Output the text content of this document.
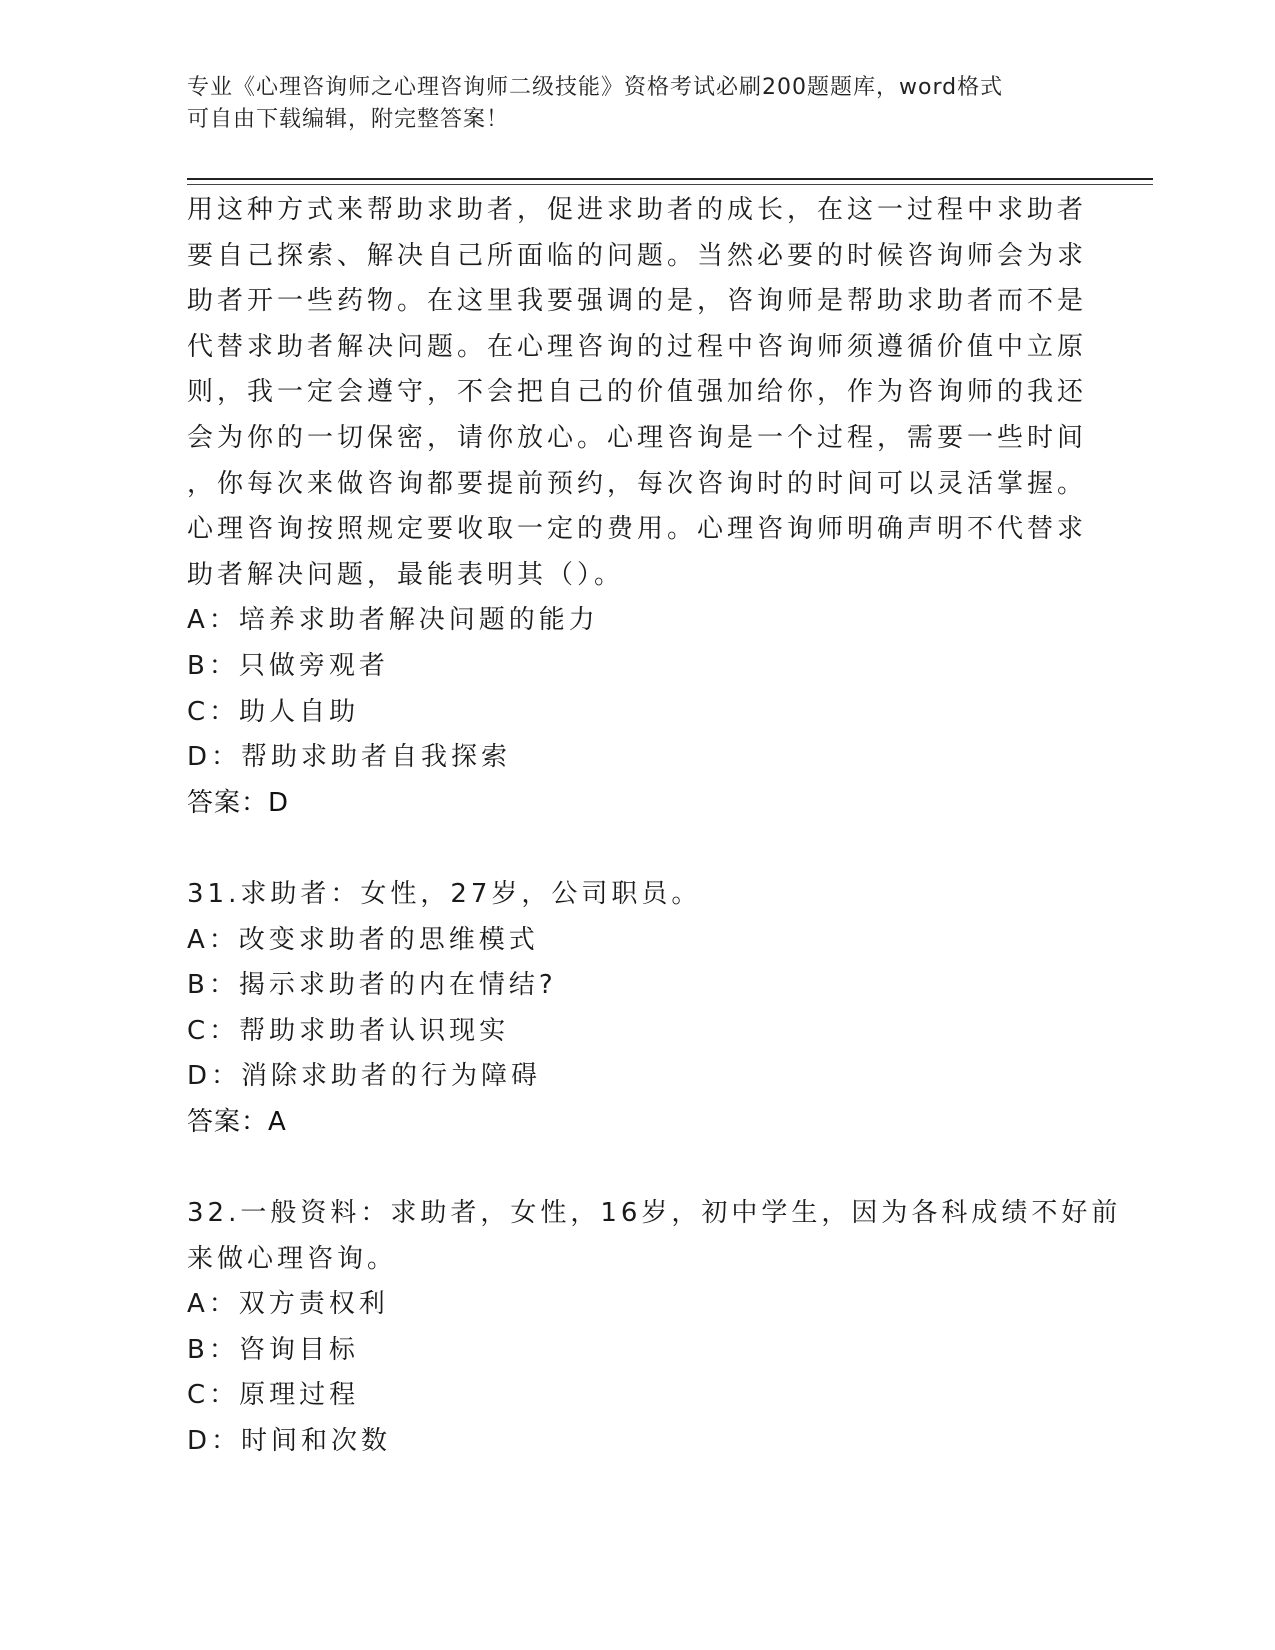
专业《心理咨询师之心理咨询师二级技能》资格考试必刷200题题库，word格式
可自由下载编辑，附完整答案！
用这种方式来帮助求助者，促进求助者的成长，在这一过程中求助者
要自己探索、解决自己所面临的问题。当然必要的时候咨询师会为求
助者开一些药物。在这里我要强调的是，咨询师是帮助求助者而不是
代替求助者解决问题。在心理咨询的过程中咨询师须遵循价值中立原
则，我一定会遵守，不会把自己的价值强加给你，作为咨询师的我还
会为你的一切保密，请你放心。心理咨询是一个过程，需要一些时间
，你每次来做咨询都要提前预约，每次咨询时的时间可以灵活掌握。
心理咨询按照规定要收取一定的费用。心理咨询师明确声明不代替求
助者解决问题，最能表明其（）。
A：培养求助者解决问题的能力
B：只做旁观者
C：助人自助
D：帮助求助者自我探索
答案：D
31.求助者：女性，27岁，公司职员。
A：改变求助者的思维模式
B：揭示求助者的内在情结?
C：帮助求助者认识现实
D：消除求助者的行为障碍
答案：A
32.一般资料：求助者，女性，16岁，初中学生，因为各科成绩不好前
来做心理咨询。
A：双方责权利
B：咨询目标
C：原理过程
D：时间和次数
